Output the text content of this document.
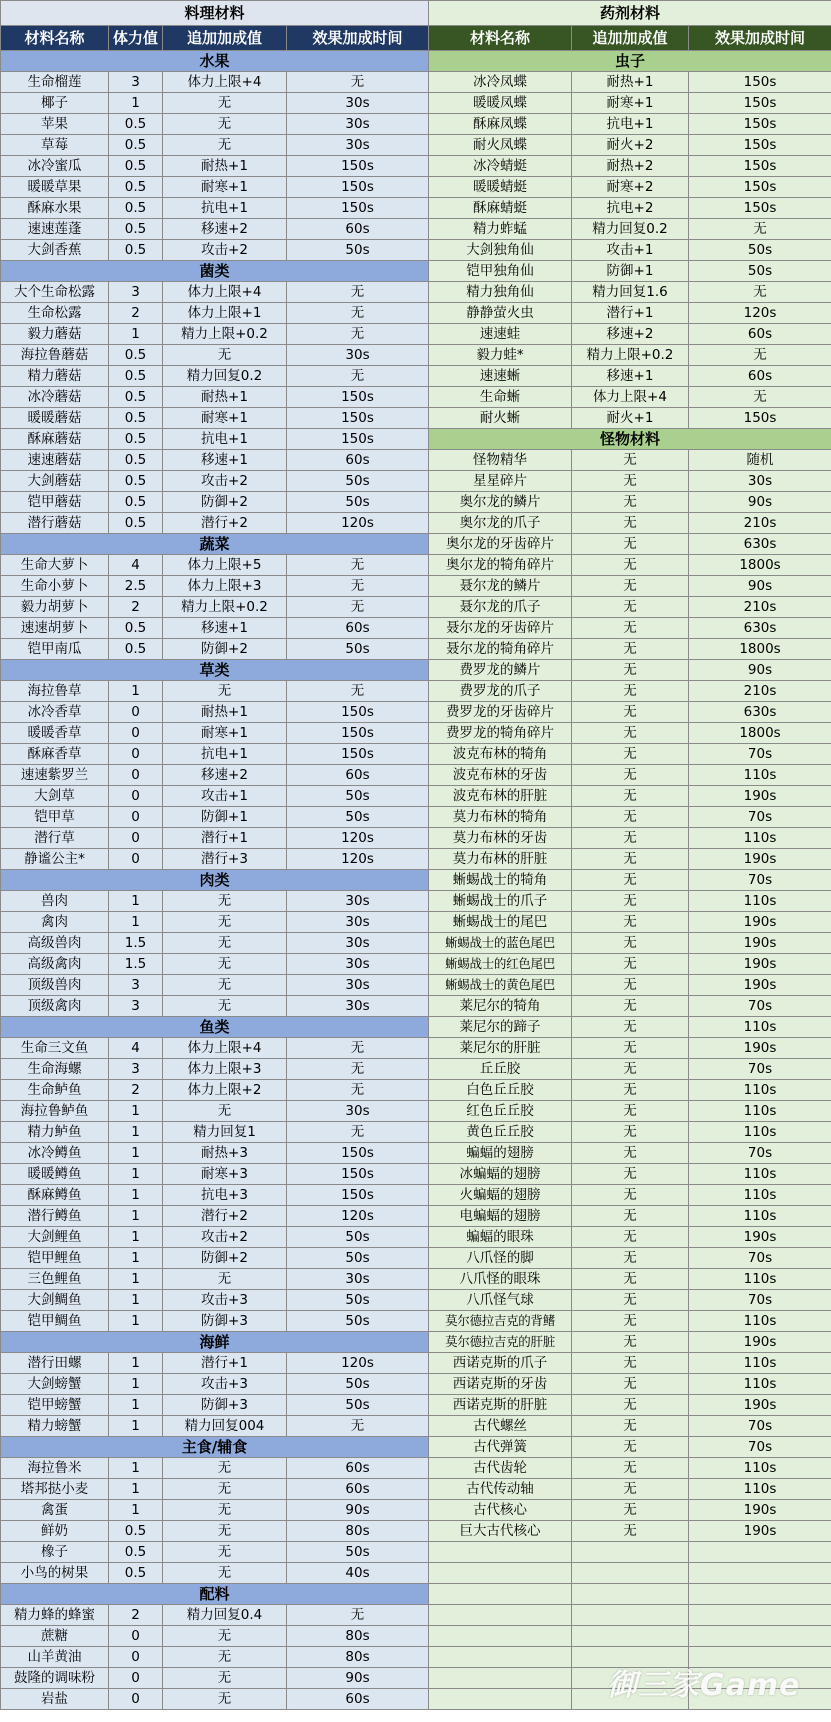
料理材料			
材料名称	体力值	追加加成值	效果加成时间
水果			
生命榴莲	3	体力上限+4	无
椰子	1	无	30s
苹果	0.5	无	30s
草莓	0.5	无	30s
冰冷蜜瓜	0.5	耐热+1	150s
暖暖草果	0.5	耐寒+1	150s
酥麻水果	0.5	抗电+1	150s
速速莲蓬	0.5	移速+2	60s
大剑香蕉	0.5	攻击+2	50s
菌类			
大个生命松露	3	体力上限+4	无
生命松露	2	体力上限+1	无
毅力蘑菇	1	精力上限+0.2	无
海拉鲁蘑菇	0.5	无	30s
精力蘑菇	0.5	精力回复0.2	无
冰冷蘑菇	0.5	耐热+1	150s
暖暖蘑菇	0.5	耐寒+1	150s
酥麻蘑菇	0.5	抗电+1	150s
速速蘑菇	0.5	移速+1	60s
大剑蘑菇	0.5	攻击+2	50s
铠甲蘑菇	0.5	防御+2	50s
潜行蘑菇	0.5	潜行+2	120s
蔬菜			
生命大萝卜	4	体力上限+5	无
生命小萝卜	2.5	体力上限+3	无
毅力胡萝卜	2	精力上限+0.2	无
速速胡萝卜	0.5	移速+1	60s
铠甲南瓜	0.5	防御+2	50s
草类			
海拉鲁草	1	无	无
冰冷香草	0	耐热+1	150s
暖暖香草	0	耐寒+1	150s
酥麻香草	0	抗电+1	150s
速速紫罗兰	0	移速+2	60s
大剑草	0	攻击+1	50s
铠甲草	0	防御+1	50s
潜行草	0	潜行+1	120s
静谧公主*	0	潜行+3	120s
肉类			
兽肉	1	无	30s
禽肉	1	无	30s
高级兽肉	1.5	无	30s
高级禽肉	1.5	无	30s
顶级兽肉	3	无	30s
顶级禽肉	3	无	30s
鱼类			
生命三文鱼	4	体力上限+4	无
生命海螺	3	体力上限+3	无
生命鲈鱼	2	体力上限+2	无
海拉鲁鲈鱼	1	无	30s
精力鲈鱼	1	精力回复1	无
冰冷鳟鱼	1	耐热+3	150s
暖暖鳟鱼	1	耐寒+3	150s
酥麻鳟鱼	1	抗电+3	150s
潜行鳟鱼	1	潜行+2	120s
大剑鲤鱼	1	攻击+2	50s
铠甲鲤鱼	1	防御+2	50s
三色鲤鱼	1	无	30s
大剑鲷鱼	1	攻击+3	50s
铠甲鲷鱼	1	防御+3	50s
海鲜			
潜行田螺	1	潜行+1	120s
大剑螃蟹	1	攻击+3	50s
铠甲螃蟹	1	防御+3	50s
精力螃蟹	1	精力回复004	无
主食/辅食			
海拉鲁米	1	无	60s
塔邦挞小麦	1	无	60s
禽蛋	1	无	90s
鲜奶	0.5	无	80s
橡子	0.5	无	50s
小鸟的树果	0.5	无	40s
配料			
精力蜂的蜂蜜	2	精力回复0.4	无
蔗糖	0	无	80s
山羊黄油	0	无	80s
鼓隆的调味粉	0	无	90s
岩盐	0	无	60s
药剂材料		
材料名称	追加加成值	效果加成时间
虫子		
冰冷凤蝶	耐热+1	150s
暖暖凤蝶	耐寒+1	150s
酥麻凤蝶	抗电+1	150s
耐火凤蝶	耐火+2	150s
冰冷蜻蜓	耐热+2	150s
暖暖蜻蜓	耐寒+2	150s
酥麻蜻蜓	抗电+2	150s
精力蚱蜢	精力回复0.2	无
大剑独角仙	攻击+1	50s
铠甲独角仙	防御+1	50s
精力独角仙	精力回复1.6	无
静静萤火虫	潜行+1	120s
速速蛙	移速+2	60s
毅力蛙*	精力上限+0.2	无
速速蜥	移速+1	60s
生命蜥	体力上限+4	无
耐火蜥	耐火+1	150s
怪物材料		
怪物精华	无	随机
星星碎片	无	30s
奥尔龙的鳞片	无	90s
奥尔龙的爪子	无	210s
奥尔龙的牙齿碎片	无	630s
奥尔龙的犄角碎片	无	1800s
聂尔龙的鳞片	无	90s
聂尔龙的爪子	无	210s
聂尔龙的牙齿碎片	无	630s
聂尔龙的犄角碎片	无	1800s
费罗龙的鳞片	无	90s
费罗龙的爪子	无	210s
费罗龙的牙齿碎片	无	630s
费罗龙的犄角碎片	无	1800s
波克布林的犄角	无	70s
波克布林的牙齿	无	110s
波克布林的肝脏	无	190s
莫力布林的犄角	无	70s
莫力布林的牙齿	无	110s
莫力布林的肝脏	无	190s
蜥蜴战士的犄角	无	70s
蜥蜴战士的爪子	无	110s
蜥蜴战士的尾巴	无	190s
蜥蜴战士的蓝色尾巴	无	190s
蜥蜴战士的红色尾巴	无	190s
蜥蜴战士的黄色尾巴	无	190s
莱尼尔的犄角	无	70s
莱尼尔的蹄子	无	110s
莱尼尔的肝脏	无	190s
丘丘胶	无	70s
白色丘丘胶	无	110s
红色丘丘胶	无	110s
黄色丘丘胶	无	110s
蝙蝠的翅膀	无	70s
冰蝙蝠的翅膀	无	110s
火蝙蝠的翅膀	无	110s
电蝙蝠的翅膀	无	110s
蝙蝠的眼珠	无	190s
八爪怪的脚	无	70s
八爪怪的眼珠	无	110s
八爪怪气球	无	70s
莫尔德拉吉克的背鳍	无	110s
莫尔德拉吉克的肝脏	无	190s
西诺克斯的爪子	无	110s
西诺克斯的牙齿	无	110s
西诺克斯的肝脏	无	190s
古代螺丝	无	70s
古代弹簧	无	70s
古代齿轮	无	110s
古代传动轴	无	110s
古代核心	无	190s
巨大古代核心	无	190s

御三家Game
